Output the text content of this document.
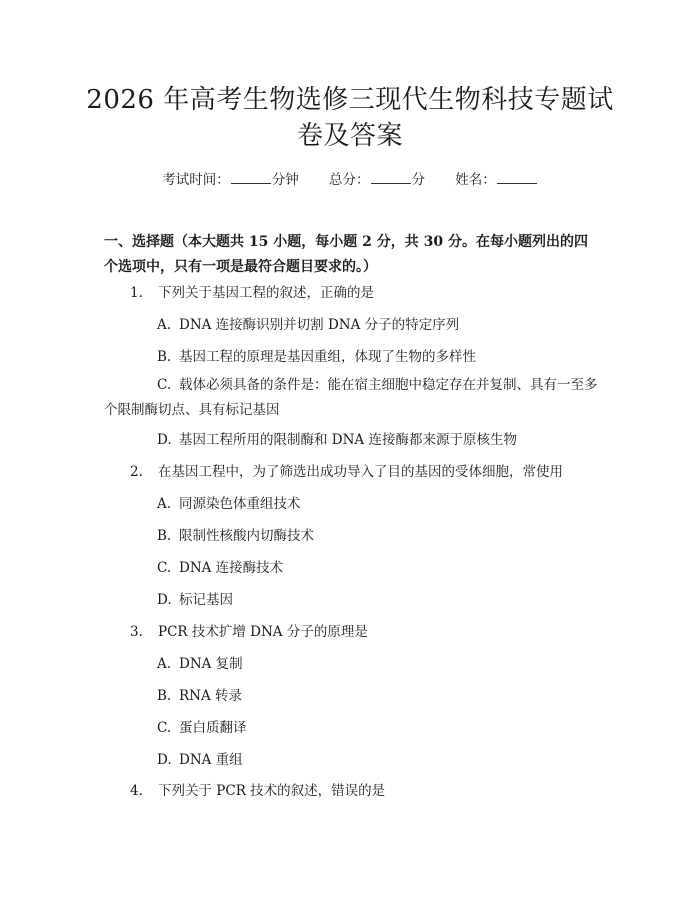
2026 年高考生物选修三现代生物科技专题试卷及答案
考试时间：	分钟 总分：	分 姓名：
一、选择题（本大题共 15 小题，每小题 2 分，共 30 分。在每小题列出的四个选项中，只有一项是最符合题目要求的。）
1. 下列关于基因工程的叙述，正确的是
A. DNA 连接酶识别并切割 DNA 分子的特定序列
B. 基因工程的原理是基因重组，体现了生物的多样性
C. 载体必须具备的条件是：能在宿主细胞中稳定存在并复制、具有一至多个限制酶切点、具有标记基因
D. 基因工程所用的限制酶和 DNA 连接酶都来源于原核生物
2. 在基因工程中，为了筛选出成功导入了目的基因的受体细胞，常使用
A. 同源染色体重组技术
B. 限制性核酸内切酶技术
C. DNA 连接酶技术
D. 标记基因
3. PCR 技术扩增 DNA 分子的原理是
A. DNA 复制
B. RNA 转录
C. 蛋白质翻译
D. DNA 重组
4. 下列关于 PCR 技术的叙述，错误的是
